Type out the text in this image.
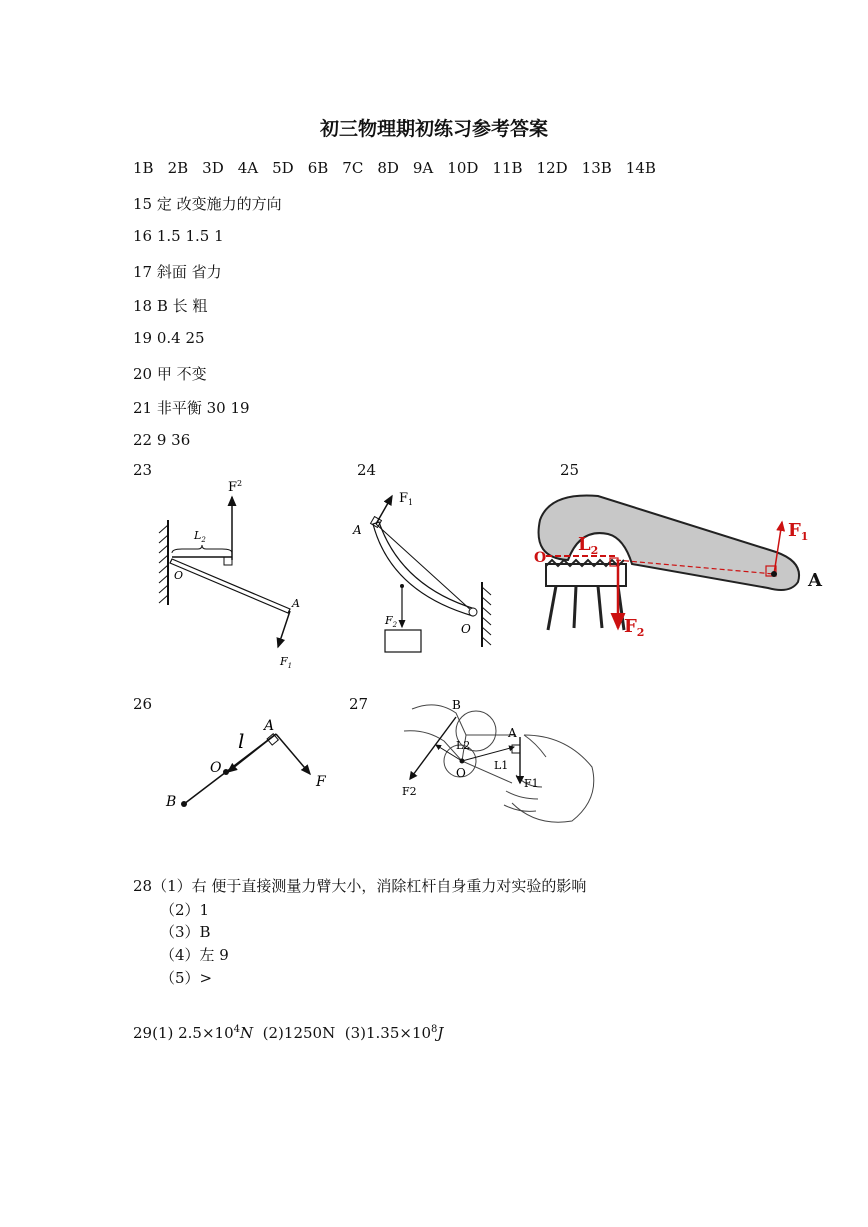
初三物理期初练习参考答案
1B 2B 3D 4A 5D 6B 7C 8D 9A 10D 11B 12D 13B 14B
15 定 改变施力的方向
16 1.5 1.5 1
17 斜面 省力
18 B 长 粗
19 0.4 25
20 甲 不变
21 非平衡 30 19
22 9 36
23	24	25
26	27
$F^2$
$L_2$
O
A
$F_1$
$F_1$
A
$F_2$	O
$F_1$
$L_2$
O
$F_2$
A
l
A
O
B
F
B
A
L2
O
L1
F2
F1
28（1）右 便于直接测量力臂大小，消除杠杆自身重力对实验的影响
（2）1
（3）B
（4）左 9
（5）>
29(1) $2.5\times 10^4N$  (2)1250N  $(3)1.35\times 10^8J$
